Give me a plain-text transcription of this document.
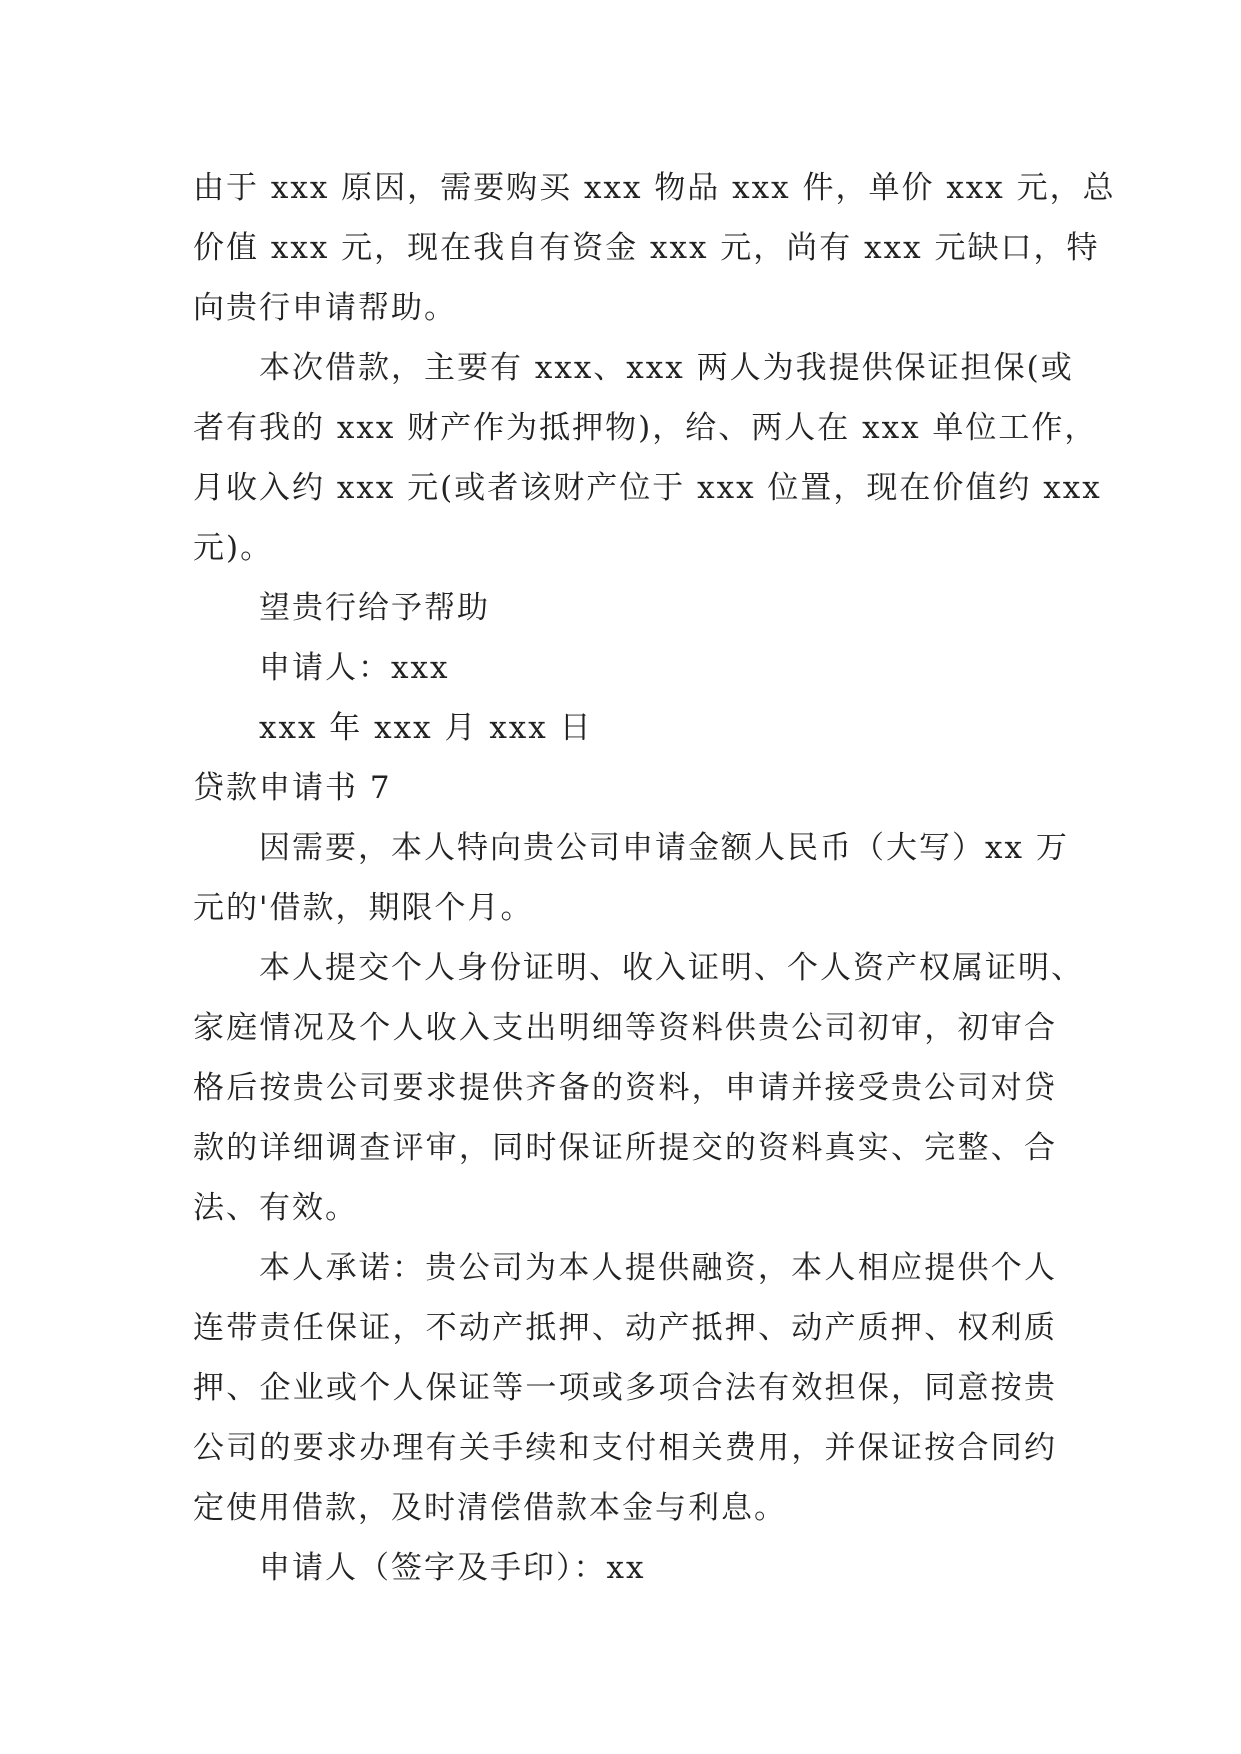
由于 xxx 原因，需要购买 xxx 物品 xxx 件，单价 xxx 元，总
价值 xxx 元，现在我自有资金 xxx 元，尚有 xxx 元缺口，特
向贵行申请帮助。
本次借款，主要有 xxx、xxx 两人为我提供保证担保(或
者有我的 xxx 财产作为抵押物)，给、两人在 xxx 单位工作，
月收入约 xxx 元(或者该财产位于 xxx 位置，现在价值约 xxx
元)。
望贵行给予帮助
申请人：xxx
xxx 年 xxx 月 xxx 日
贷款申请书 7
因需要，本人特向贵公司申请金额人民币（大写）xx 万
元的'借款，期限个月。
本人提交个人身份证明、收入证明、个人资产权属证明、
家庭情况及个人收入支出明细等资料供贵公司初审，初审合
格后按贵公司要求提供齐备的资料，申请并接受贵公司对贷
款的详细调查评审，同时保证所提交的资料真实、完整、合
法、有效。
本人承诺：贵公司为本人提供融资，本人相应提供个人
连带责任保证，不动产抵押、动产抵押、动产质押、权利质
押、企业或个人保证等一项或多项合法有效担保，同意按贵
公司的要求办理有关手续和支付相关费用，并保证按合同约
定使用借款，及时清偿借款本金与利息。
申请人（签字及手印）：xx
